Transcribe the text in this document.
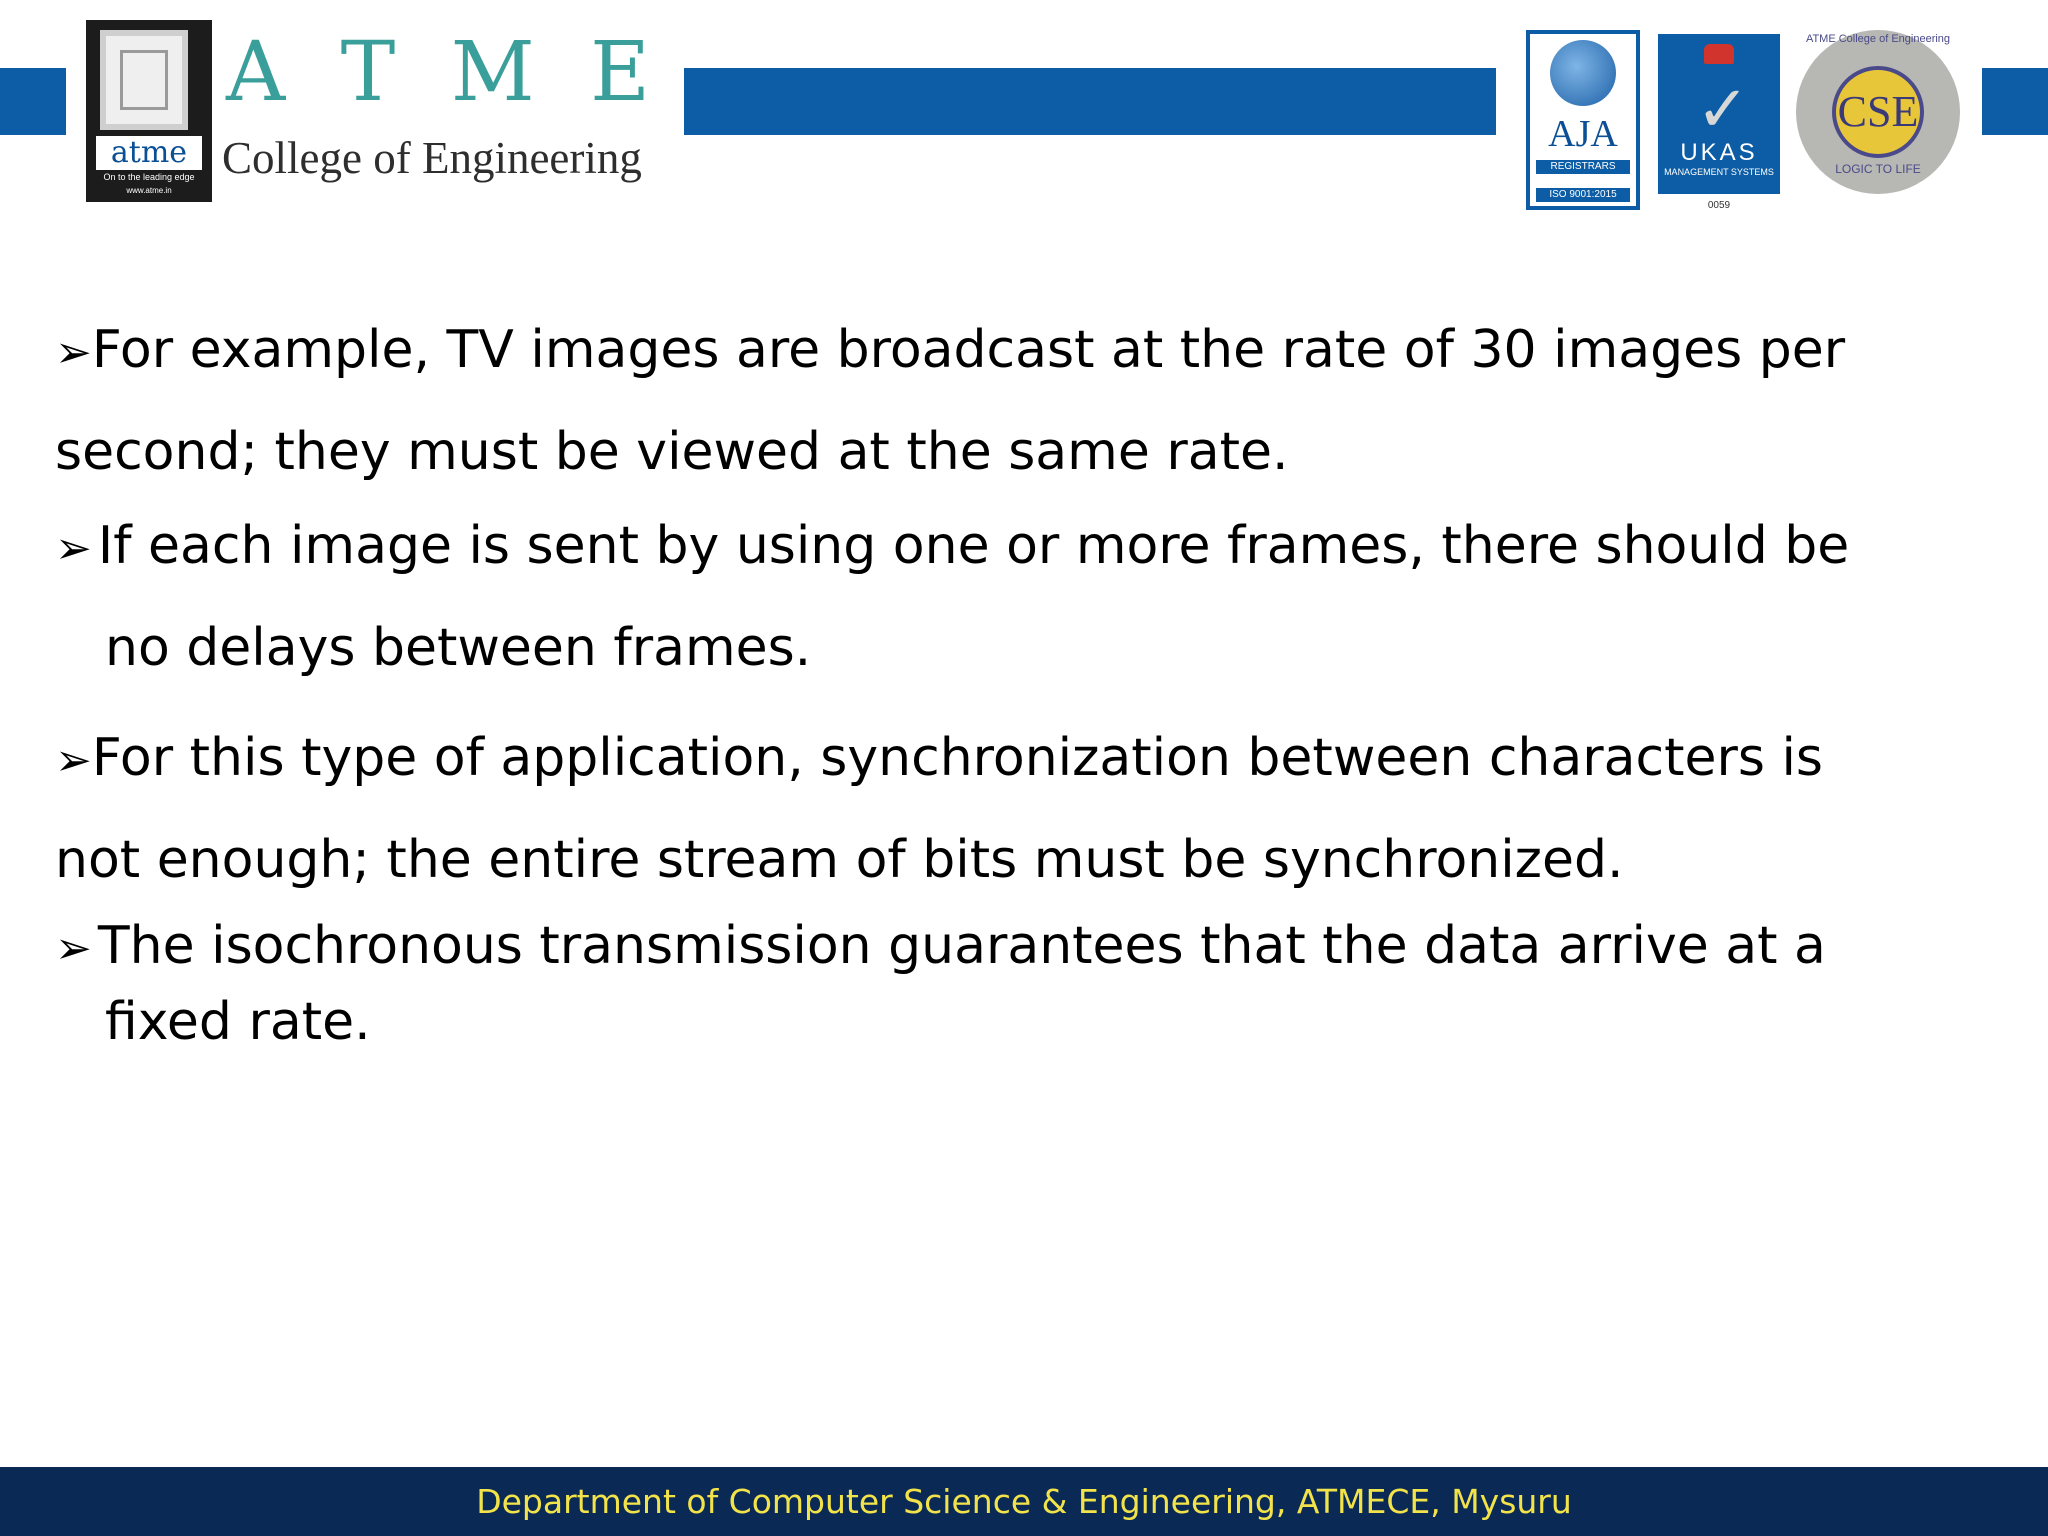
atme
On to the leading edge
www.atme.in
A T M E
College of Engineering	AJA
REGISTRARS
ISO 9001:2015
✓
UKAS
MANAGEMENT SYSTEMS
0059
ATME College of Engineering
CSE
LOGIC TO LIFE
➢For example, TV images are broadcast at the rate of 30 images per
second; they must be viewed at the same rate.
➢ If each image is sent by using one or more frames, there should be
no delays between frames.
➢For this type of application, synchronization between characters is
not enough; the entire stream of bits must be synchronized.
➢ The isochronous transmission guarantees that the data arrive at a
fixed rate.
Department of Computer Science & Engineering, ATMECE, Mysuru
